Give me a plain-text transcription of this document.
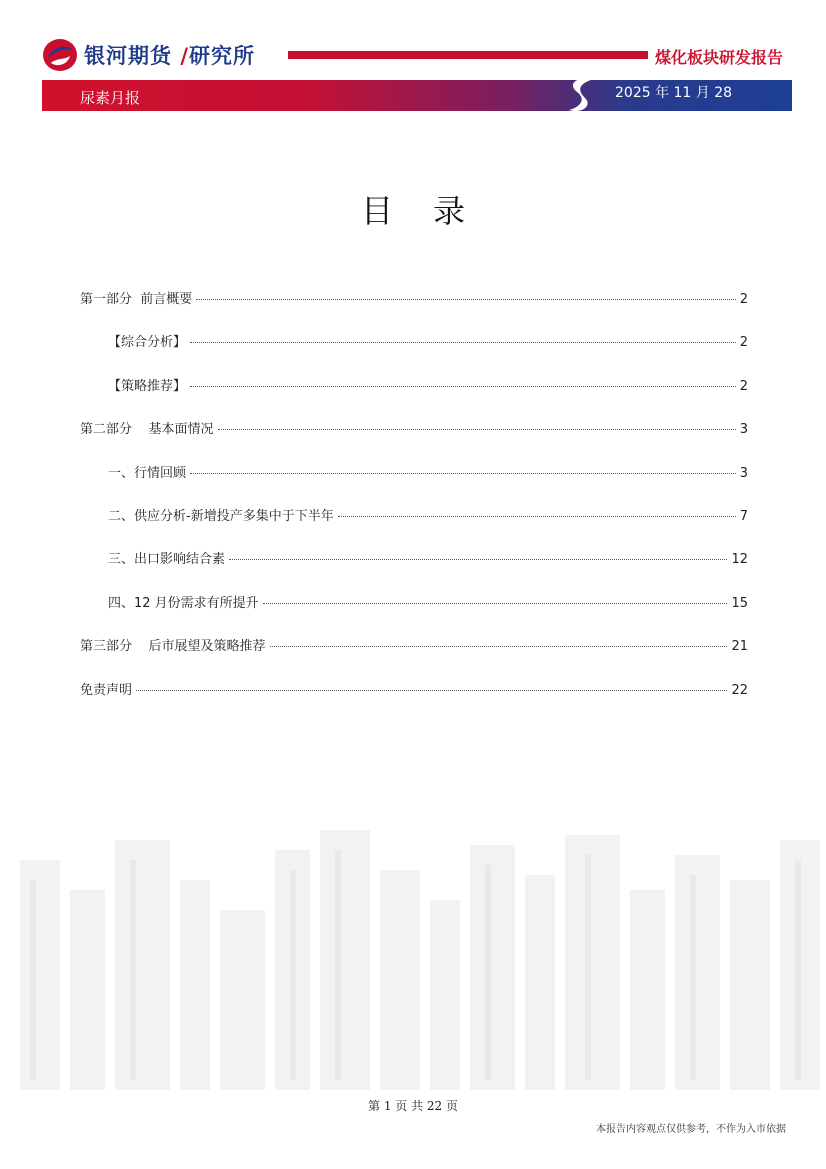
银河期货 /研究所	煤化板块研发报告
尿素月报	2025 年 11 月 28
目录
第一部分  前言概要	2
【综合分析】	2
【策略推荐】	2
第二部分    基本面情况	3
一、行情回顾	3
二、供应分析-新增投产多集中于下半年	7
三、出口影响结合素	12
四、12 月份需求有所提升	15
第三部分    后市展望及策略推荐	21
免责声明	22
第 1 页 共 22 页
本报告内容观点仅供参考，不作为入市依据
